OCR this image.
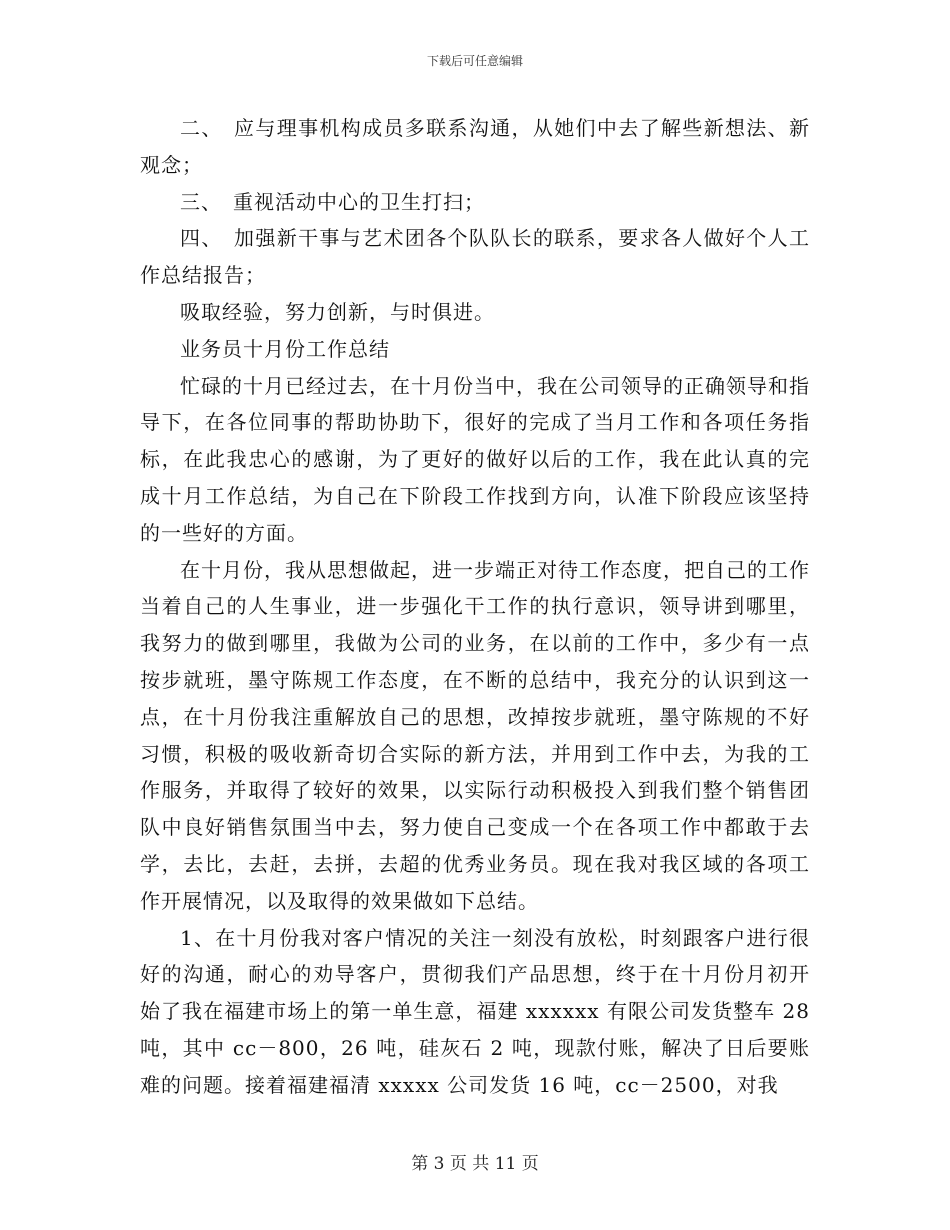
下载后可任意编辑

二、　应与理事机构成员多联系沟通，从她们中去了解些新想法、新观念；

三、　重视活动中心的卫生打扫；

四、　加强新干事与艺术团各个队队长的联系，要求各人做好个人工作总结报告；

吸取经验，努力创新，与时俱进。

业务员十月份工作总结

忙碌的十月已经过去，在十月份当中，我在公司领导的正确领导和指导下，在各位同事的帮助协助下，很好的完成了当月工作和各项任务指标，在此我忠心的感谢，为了更好的做好以后的工作，我在此认真的完成十月工作总结，为自己在下阶段工作找到方向，认准下阶段应该坚持的一些好的方面。

在十月份，我从思想做起，进一步端正对待工作态度，把自己的工作当着自己的人生事业，进一步强化干工作的执行意识，领导讲到哪里，我努力的做到哪里，我做为公司的业务，在以前的工作中，多少有一点按步就班，墨守陈规工作态度，在不断的总结中，我充分的认识到这一点，在十月份我注重解放自己的思想，改掉按步就班，墨守陈规的不好习惯，积极的吸收新奇切合实际的新方法，并用到工作中去，为我的工作服务，并取得了较好的效果，以实际行动积极投入到我们整个销售团队中良好销售氛围当中去，努力使自己变成一个在各项工作中都敢于去学，去比，去赶，去拼，去超的优秀业务员。现在我对我区域的各项工作开展情况，以及取得的效果做如下总结。

1、在十月份我对客户情况的关注一刻没有放松，时刻跟客户进行很好的沟通，耐心的劝导客户，贯彻我们产品思想，终于在十月份月初开始了我在福建市场上的第一单生意，福建 xxxxxx 有限公司发货整车 28 吨，其中 cc－800，26 吨，硅灰石 2 吨，现款付账，解决了日后要账难的问题。接着福建福清 xxxxx 公司发货 16 吨，cc－2500，对我

第 3 页 共 11 页
